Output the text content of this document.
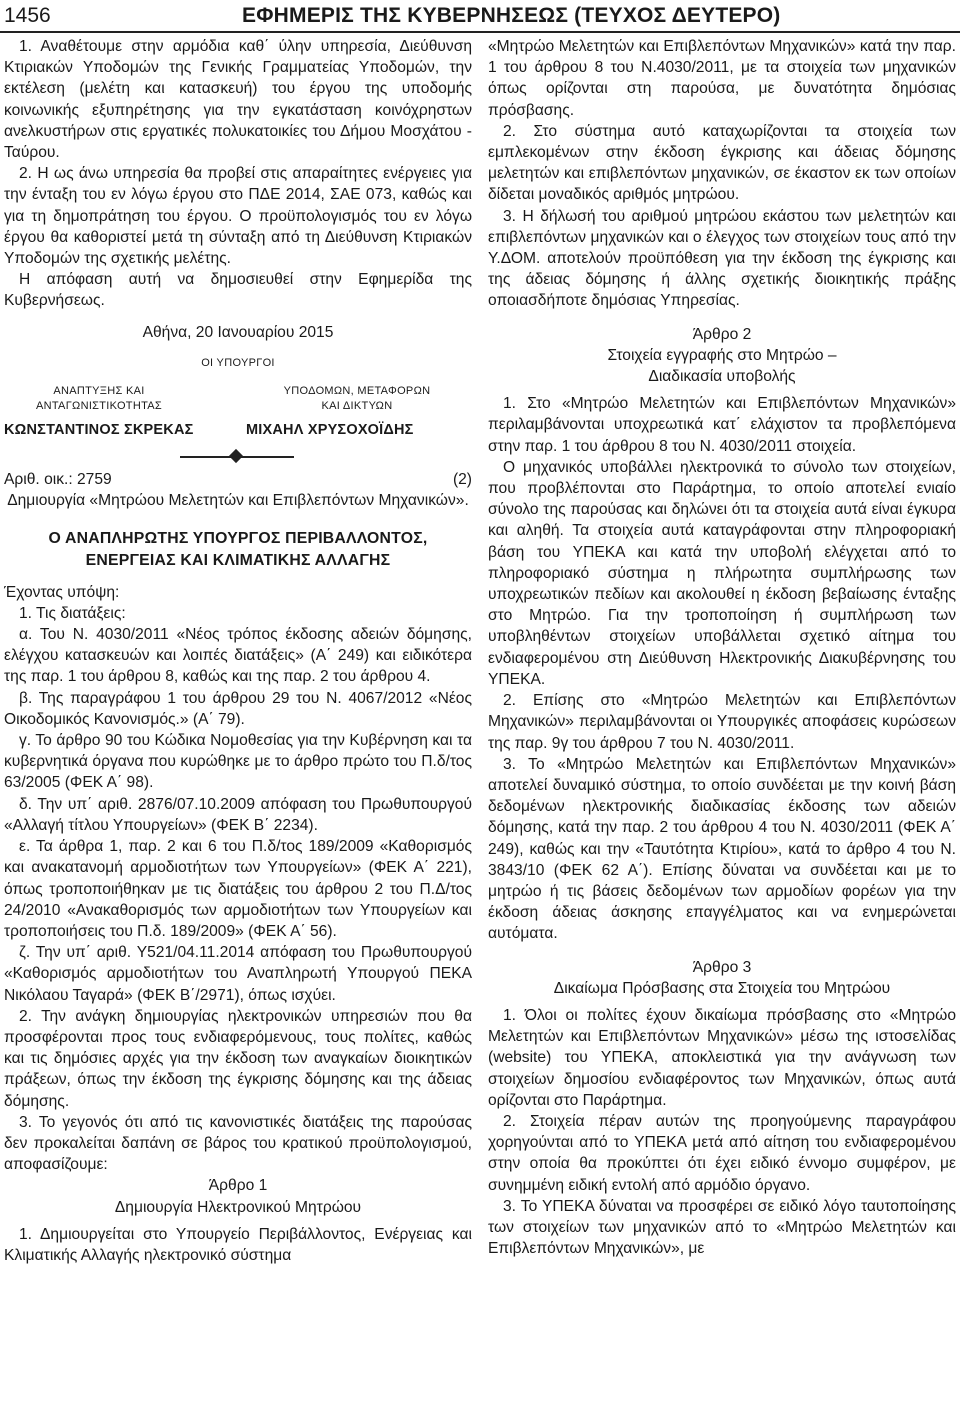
1456	ΕΦΗΜΕΡΙΣ ΤΗΣ ΚΥΒΕΡΝΗΣΕΩΣ (ΤΕΥΧΟΣ ΔΕΥΤΕΡΟ)

1. Αναθέτουμε στην αρμόδια καθ΄ ύλην υπηρεσία, Διεύθυνση Κτιριακών Υποδομών της Γενικής Γραμματείας Υποδομών, την εκτέλεση (μελέτη και κατασκευή) του έργου της υποδομής κοινωνικής εξυπηρέτησης για την εγκατάσταση κοινόχρηστων ανελκυστήρων στις εργατικές πολυκατοικίες του Δήμου Μοσχάτου - Ταύρου.

2. Η ως άνω υπηρεσία θα προβεί στις απαραίτητες ενέργειες για την ένταξη του εν λόγω έργου στο ΠΔΕ 2014, ΣΑΕ 073, καθώς και για τη δημοπράτηση του έργου. Ο προϋπολογισμός του εν λόγω έργου θα καθοριστεί μετά τη σύνταξη από τη Διεύθυνση Κτιριακών Υποδομών της σχετικής μελέτης.

Η απόφαση αυτή να δημοσιευθεί στην Εφημερίδα της Κυβερνήσεως.

Αθήνα, 20 Ιανουαρίου 2015
ΟΙ ΥΠΟΥΡΓΟΙ
ΑΝΑΠΤΥΞΗΣ ΚΑΙ
ΑΝΤΑΓΩΝΙΣΤΙΚΟΤΗΤΑΣ
ΥΠΟΔΟΜΩΝ, ΜΕΤΑΦΟΡΩΝ
ΚΑΙ ΔΙΚΤΥΩΝ
ΚΩΝΣΤΑΝΤΙΝΟΣ ΣΚΡΕΚΑΣ	ΜΙΧΑΗΛ ΧΡΥΣΟΧΟΪΔΗΣ
Αριθ. οικ.: 2759	(2)
Δημιουργία «Μητρώου Μελετητών και Επιβλεπόντων Μηχανικών».
Ο ΑΝΑΠΛΗΡΩΤΗΣ ΥΠΟΥΡΓΟΣ ΠΕΡΙΒΑΛΛΟΝΤΟΣ, ΕΝΕΡΓΕΙΑΣ ΚΑΙ ΚΛΙΜΑΤΙΚΗΣ ΑΛΛΑΓΗΣ

Έχοντας υπόψη:

1. Τις διατάξεις:

α. Του Ν. 4030/2011 «Νέος τρόπος έκδοσης αδειών δόμησης, ελέγχου κατασκευών και λοιπές διατάξεις» (Α΄ 249) και ειδικότερα της παρ. 1 του άρθρου 8, καθώς και της παρ. 2 του άρθρου 4.

β. Της παραγράφου 1 του άρθρου 29 του Ν. 4067/2012 «Νέος Οικοδομικός Κανονισμός.» (Α΄ 79).

γ. Το άρθρο 90 του Κώδικα Νομοθεσίας για την Κυβέρνηση και τα κυβερνητικά όργανα που κυρώθηκε με το άρθρο πρώτο του Π.δ/τος 63/2005 (ΦΕΚ Α΄ 98).

δ. Την υπ΄ αριθ. 2876/07.10.2009 απόφαση του Πρωθυπουργού «Αλλαγή τίτλου Υπουργείων» (ΦΕΚ Β΄ 2234).

ε. Τα άρθρα 1, παρ. 2 και 6 του Π.δ/τος 189/2009 «Καθορισμός και ανακατανομή αρμοδιοτήτων των Υπουργείων» (ΦΕΚ Α΄ 221), όπως τροποποιήθηκαν με τις διατάξεις του άρθρου 2 του Π.Δ/τος 24/2010 «Ανακαθορισμός των αρμοδιοτήτων των Υπουργείων και τροποποιήσεις του Π.δ. 189/2009» (ΦΕΚ Α΄ 56).

ζ. Την υπ΄ αριθ. Υ521/04.11.2014 απόφαση του Πρωθυπουργού «Καθορισμός αρμοδιοτήτων του Αναπληρωτή Υπουργού ΠΕΚΑ Νικόλαου Ταγαρά» (ΦΕΚ Β΄/2971), όπως ισχύει.

2. Την ανάγκη δημιουργίας ηλεκτρονικών υπηρεσιών που θα προσφέρονται προς τους ενδιαφερόμενους, τους πολίτες, καθώς και τις δημόσιες αρχές για την έκδοση των αναγκαίων διοικητικών πράξεων, όπως την έκδοση της έγκρισης δόμησης και της άδειας δόμησης.

3. Το γεγονός ότι από τις κανονιστικές διατάξεις της παρούσας δεν προκαλείται δαπάνη σε βάρος του κρατικού προϋπολογισμού, αποφασίζουμε:

Άρθρο 1

Δημιουργία Ηλεκτρονικού Μητρώου

1. Δημιουργείται στο Υπουργείο Περιβάλλοντος, Ενέργειας και Κλιματικής Αλλαγής ηλεκτρονικό σύστημα

«Μητρώο Μελετητών και Επιβλεπόντων Μηχανικών» κατά την παρ. 1 του άρθρου 8 του Ν.4030/2011, με τα στοιχεία των μηχανικών όπως ορίζονται στη παρούσα, με δυνατότητα δημόσιας πρόσβασης.

2. Στο σύστημα αυτό καταχωρίζονται τα στοιχεία των εμπλεκομένων στην έκδοση έγκρισης και άδειας δόμησης μελετητών και επιβλεπόντων μηχανικών, σε έκαστον εκ των οποίων δίδεται μοναδικός αριθμός μητρώου.

3. Η δήλωσή του αριθμού μητρώου εκάστου των μελετητών και επιβλεπόντων μηχανικών και ο έλεγχος των στοιχείων τους από την Υ.ΔΟΜ. αποτελούν προϋπόθεση για την έκδοση της έγκρισης και της άδειας δόμησης ή άλλης σχετικής διοικητικής πράξης οποιασδήποτε δημόσιας Υπηρεσίας.

Άρθρο 2

Στοιχεία εγγραφής στο Μητρώο –

Διαδικασία υποβολής

1. Στο «Μητρώο Μελετητών και Επιβλεπόντων Μηχανικών» περιλαμβάνονται υποχρεωτικά κατ΄ ελάχιστον τα προβλεπόμενα στην παρ. 1 του άρθρου 8 του Ν. 4030/2011 στοιχεία.

Ο μηχανικός υποβάλλει ηλεκτρονικά το σύνολο των στοιχείων, που προβλέπονται στο Παράρτημα, το οποίο αποτελεί ενιαίο σύνολο της παρούσας και δηλώνει ότι τα στοιχεία αυτά είναι έγκυρα και αληθή. Τα στοιχεία αυτά καταγράφονται στην πληροφοριακή βάση του ΥΠΕΚΑ και κατά την υποβολή ελέγχεται από το πληροφοριακό σύστημα η πλήρωτητα συμπλήρωσης των υποχρεωτικών πεδίων και ακολουθεί η έκδοση βεβαίωσης ένταξης στο Μητρώο. Για την τροποποίηση ή συμπλήρωση των υποβληθέντων στοιχείων υποβάλλεται σχετικό αίτημα του ενδιαφερομένου στη Διεύθυνση Ηλεκτρονικής Διακυβέρνησης του ΥΠΕΚΑ.

2. Επίσης στο «Μητρώο Μελετητών και Επιβλεπόντων Μηχανικών» περιλαμβάνονται οι Υπουργικές αποφάσεις κυρώσεων της παρ. 9γ του άρθρου 7 του Ν. 4030/2011.

3. Το «Μητρώο Μελετητών και Επιβλεπόντων Μηχανικών» αποτελεί δυναμικό σύστημα, το οποίο συνδέεται με την κοινή βάση δεδομένων ηλεκτρονικής διαδικασίας έκδοσης των αδειών δόμησης, κατά την παρ. 2 του άρθρου 4 του Ν. 4030/2011 (ΦΕΚ Α΄ 249), καθώς και την «Ταυτότητα Κτιρίου», κατά το άρθρο 4 του Ν. 3843/10 (ΦΕΚ 62 Α΄). Επίσης δύναται να συνδέεται και με το μητρώο ή τις βάσεις δεδομένων των αρμοδίων φορέων για την έκδοση άδειας άσκησης επαγγέλματος και να ενημερώνεται αυτόματα.

Άρθρο 3

Δικαίωμα Πρόσβασης στα Στοιχεία του Μητρώου

1. Όλοι οι πολίτες έχουν δικαίωμα πρόσβασης στο «Μητρώο Μελετητών και Επιβλεπόντων Μηχανικών» μέσω της ιστοσελίδας (website) του ΥΠΕΚΑ, αποκλειστικά για την ανάγνωση των στοιχείων δημοσίου ενδιαφέροντος των Μηχανικών, όπως αυτά ορίζονται στο Παράρτημα.

2. Στοιχεία πέραν αυτών της προηγούμενης παραγράφου χορηγούνται από το ΥΠΕΚΑ μετά από αίτηση του ενδιαφερομένου στην οποία θα προκύπτει ότι έχει ειδικό έννομο συμφέρον, με συνημμένη ειδική εντολή από αρμόδιο όργανο.

3. Το ΥΠΕΚΑ δύναται να προσφέρει σε ειδικό λόγο ταυτοποίησης των στοιχείων των μηχανικών από το «Μητρώο Μελετητών και Επιβλεπόντων Μηχανικών», με
